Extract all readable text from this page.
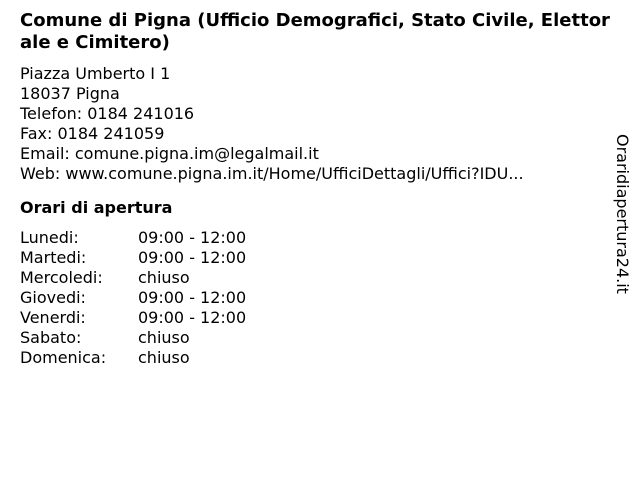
Comune di Pigna (Ufficio Demografici, Stato Civile, Elettorale e Cimitero)
Piazza Umberto I 1
18037 Pigna
Telefon: 0184 241016
Fax: 0184 241059
Email: comune.pigna.im@legalmail.it
Web: www.comune.pigna.im.it/Home/UfficiDettagli/Uffici?IDU...
Orari di apertura
Lunedi:	09:00 - 12:00
Martedi:	09:00 - 12:00
Mercoledi:	chiuso
Giovedi:	09:00 - 12:00
Venerdi:	09:00 - 12:00
Sabato:	chiuso
Domenica:	chiuso
Oraridiapertura24.it
